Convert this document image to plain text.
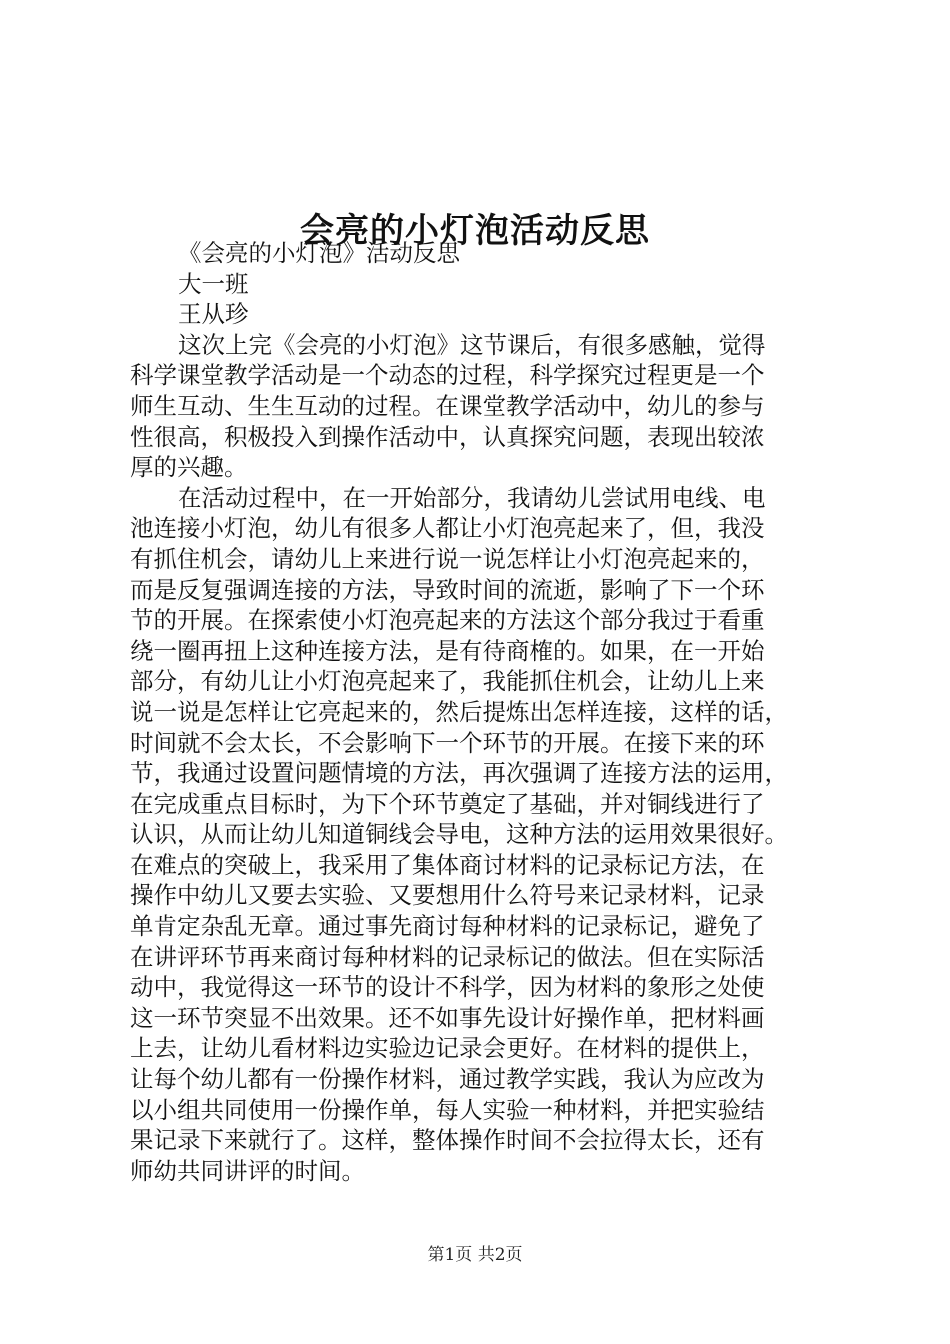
会亮的小灯泡活动反思

《会亮的小灯泡》活动反思

大一班

王从珍

这次上完《会亮的小灯泡》这节课后，有很多感触，觉得
科学课堂教学活动是一个动态的过程，科学探究过程更是一个
师生互动、生生互动的过程。在课堂教学活动中，幼儿的参与
性很高，积极投入到操作活动中，认真探究问题，表现出较浓
厚的兴趣。
在活动过程中，在一开始部分，我请幼儿尝试用电线、电
池连接小灯泡，幼儿有很多人都让小灯泡亮起来了，但，我没
有抓住机会，请幼儿上来进行说一说怎样让小灯泡亮起来的，
而是反复强调连接的方法，导致时间的流逝，影响了下一个环
节的开展。在探索使小灯泡亮起来的方法这个部分我过于看重
绕一圈再扭上这种连接方法，是有待商榷的。如果，在一开始
部分，有幼儿让小灯泡亮起来了，我能抓住机会，让幼儿上来
说一说是怎样让它亮起来的，然后提炼出怎样连接，这样的话，
时间就不会太长，不会影响下一个环节的开展。在接下来的环
节，我通过设置问题情境的方法，再次强调了连接方法的运用，
在完成重点目标时，为下个环节奠定了基础，并对铜线进行了
认识，从而让幼儿知道铜线会导电，这种方法的运用效果很好。
在难点的突破上，我采用了集体商讨材料的记录标记方法，在
操作中幼儿又要去实验、又要想用什么符号来记录材料，记录
单肯定杂乱无章。通过事先商讨每种材料的记录标记，避免了
在讲评环节再来商讨每种材料的记录标记的做法。但在实际活
动中，我觉得这一环节的设计不科学，因为材料的象形之处使
这一环节突显不出效果。还不如事先设计好操作单，把材料画
上去，让幼儿看材料边实验边记录会更好。在材料的提供上，
让每个幼儿都有一份操作材料，通过教学实践，我认为应改为
以小组共同使用一份操作单，每人实验一种材料，并把实验结
果记录下来就行了。这样，整体操作时间不会拉得太长，还有
师幼共同讲评的时间。
第1页 共2页
